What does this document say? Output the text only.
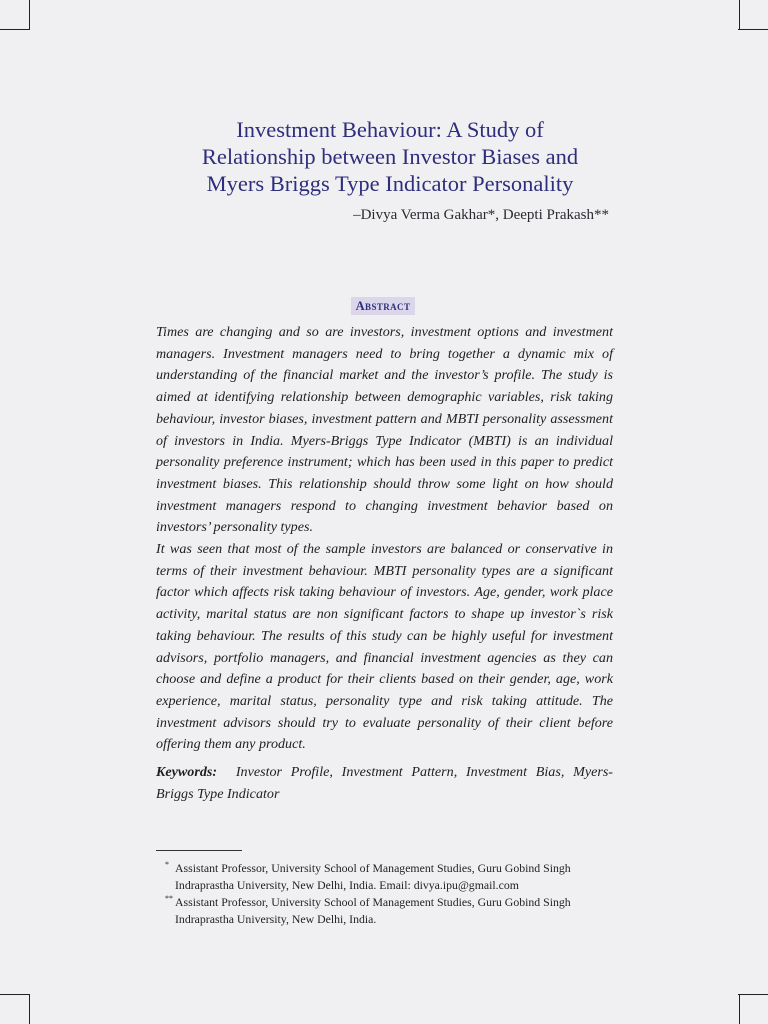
Investment Behaviour: A Study of
Relationship between Investor Biases and
Myers Briggs Type Indicator Personality
–Divya Verma Gakhar*, Deepti Prakash**
Abstract

Times are changing and so are investors, investment options and investment managers. Investment managers need to bring together a dynamic mix of understanding of the financial market and the investor’s profile. The study is aimed at identifying relationship between demographic variables, risk taking behaviour, investor biases, investment pattern and MBTI personality assessment of investors in India. Myers-Briggs Type Indicator (MBTI) is an individual personality preference instrument; which has been used in this paper to predict investment biases. This relationship should throw some light on how should investment managers respond to changing investment behavior based on investors’ personality types.

It was seen that most of the sample investors are balanced or conservative in terms of their investment behaviour. MBTI personality types are a significant factor which affects risk taking behaviour of investors. Age, gender, work place activity, marital status are non significant factors to shape up investor`s risk taking behaviour. The results of this study can be highly useful for investment advisors, portfolio managers, and financial investment agencies as they can choose and define a product for their clients based on their gender, age, work experience, marital status, personality type and risk taking attitude. The investment advisors should try to evaluate personality of their client before offering them any product.

Keywords: Investor Profile, Investment Pattern, Investment Bias, Myers-Briggs Type Indicator
* Assistant Professor, University School of Management Studies, Guru Gobind Singh Indraprastha University, New Delhi, India. Email: divya.ipu@gmail.com
** Assistant Professor, University School of Management Studies, Guru Gobind Singh Indraprastha University, New Delhi, India.
